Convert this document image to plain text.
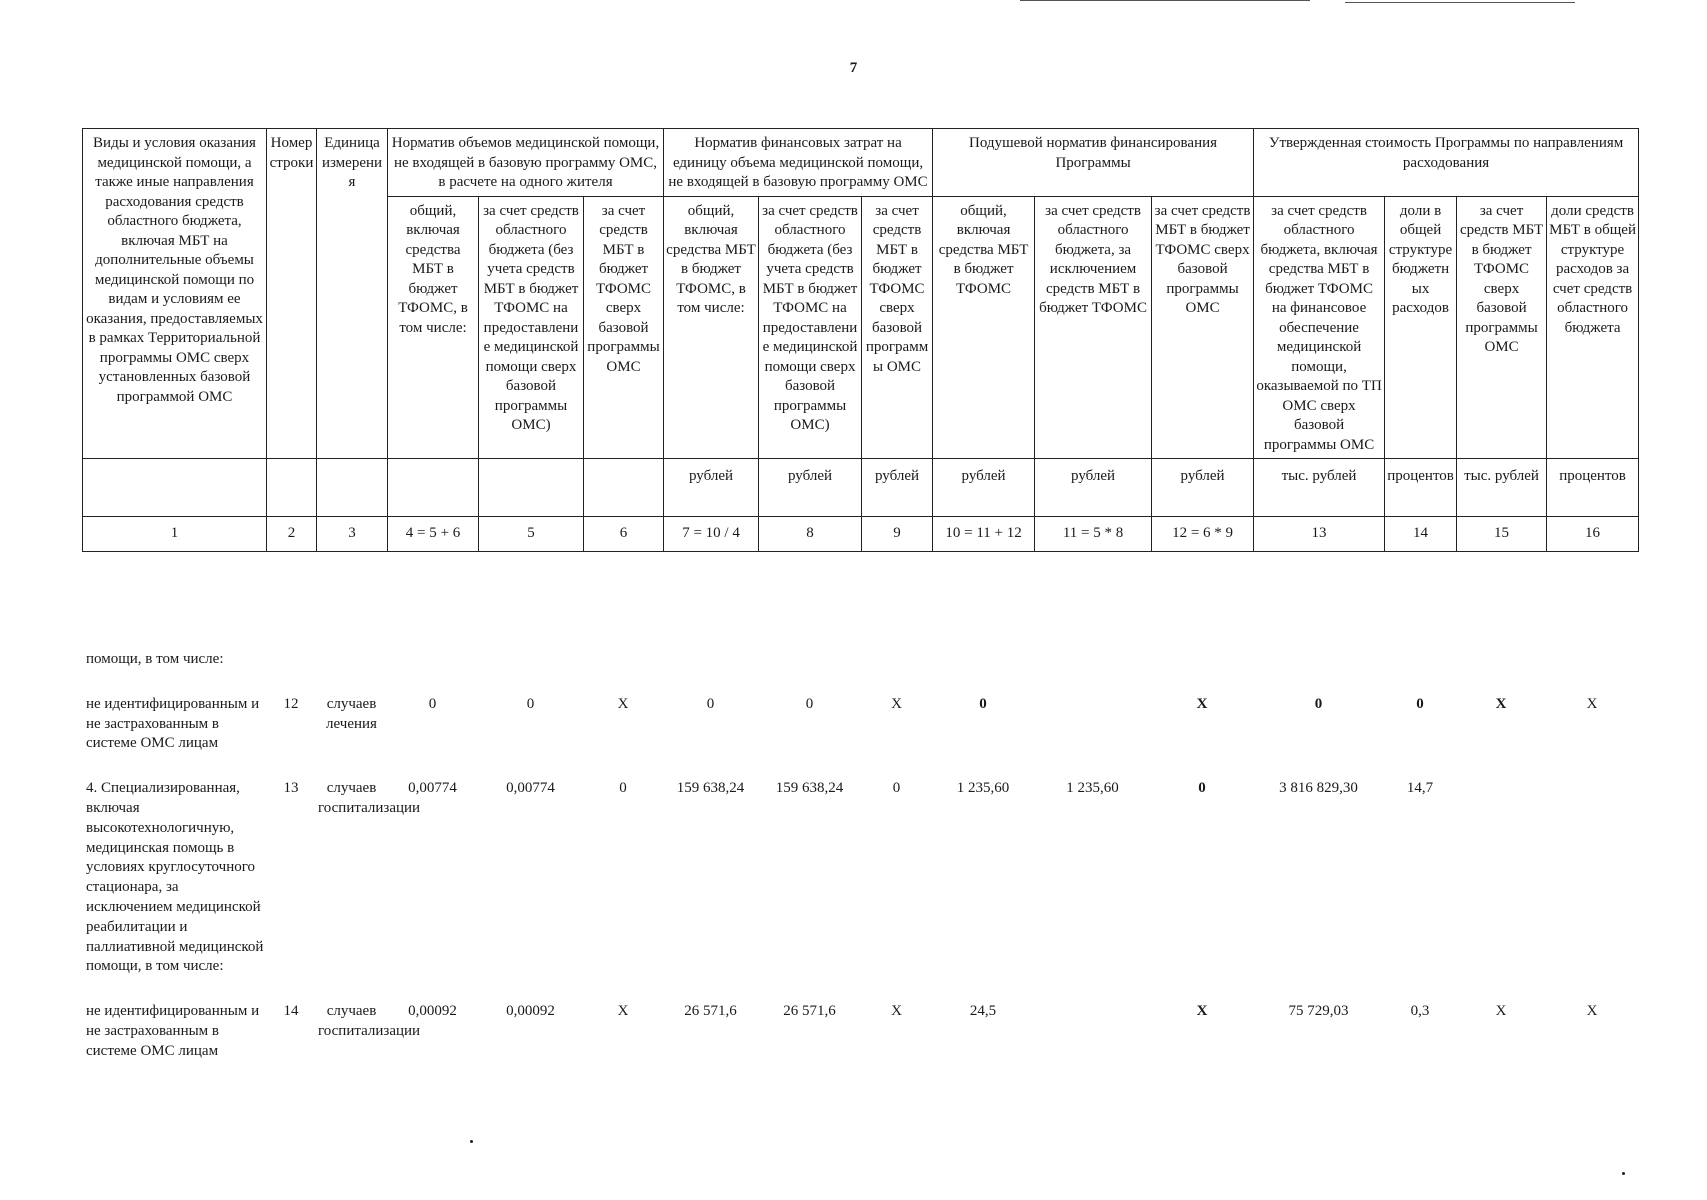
7
Виды и условия оказания медицинской помощи, а также иные направления расходования средств областного бюджета, включая МБТ на дополнительные объемы медицинской помощи по видам и условиям ее оказания, предоставляемых в рамках Территориальной программы ОМС сверх установленных базовой программой ОМС	Номер строки	Единица измерения	Норматив объемов медицинской помощи, не входящей в базовую программу ОМС, в расчете на одного жителя			Норматив финансовых затрат на единицу объема медицинской помощи, не входящей в базовую программу ОМС			Подушевой норматив финансирования Программы			Утвержденная стоимость Программы по направлениям расходования			
			общий, включая средства МБТ в бюджет ТФОМС, в том числе:	за счет средств областного бюджета (без учета средств МБТ в бюджет ТФОМС на предоставление медицинской помощи сверх базовой программы ОМС)	за счет средств МБТ в бюджет ТФОМС сверх базовой программы ОМС	общий, включая средства МБТ в бюджет ТФОМС, в том числе:	за счет средств областного бюджета (без учета средств МБТ в бюджет ТФОМС на предоставление медицинской помощи сверх базовой программы ОМС)	за счет средств МБТ в бюджет ТФОМС сверх базовой программы ОМС	общий, включая средства МБТ в бюджет ТФОМС	за счет средств областного бюджета, за исключением средств МБТ в бюджет ТФОМС	за счет средств МБТ в бюджет ТФОМС сверх базовой программы ОМС	за счет средств областного бюджета, включая средства МБТ в бюджет ТФОМС на финансовое обеспечение медицинской помощи, оказываемой по ТП ОМС сверх базовой программы ОМС	доли в общей структуре бюджетных расходов	за счет средств МБТ в бюджет ТФОМС сверх базовой программы ОМС	доли средств МБТ в общей структуре расходов за счет средств областного бюджета
						рублей	рублей	рублей	рублей	рублей	рублей	тыс. рублей	процентов	тыс. рублей	процентов
1	2	3	4 = 5 + 6	5	6	7 = 10 / 4	8	9	10 = 11 + 12	11 = 5 * 8	12 = 6 * 9	13	14	15	16
помощи, в том числе:															

не идентифицированным и не застрахованным в системе ОМС лицам	12	случаев лечения	0	0	X	0	0	X	0		X	0	0	X	X

4. Специализированная, включая высокотехнологичную, медицинская помощь в условиях круглосуточного стационара, за исключением медицинской реабилитации и паллиативной медицинской помощи, в том числе:	13	случаев госпитализации	0,00774	0,00774	0	159 638,24	159 638,24	0	1 235,60	1 235,60	0	3 816 829,30	14,7		

не идентифицированным и не застрахованным в системе ОМС лицам	14	случаев госпитализации	0,00092	0,00092	X	26 571,6	26 571,6	X	24,5		X	75 729,03	0,3	X	X
